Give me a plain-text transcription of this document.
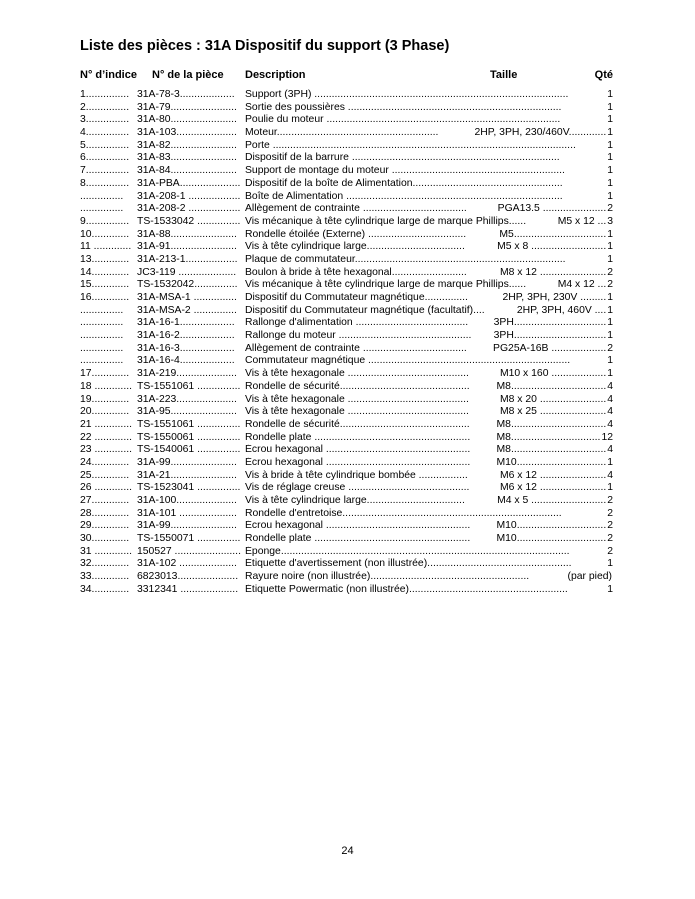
Liste des pièces : 31A Dispositif du support (3 Phase)
N° d’indice N° de la pièce Description	Taille	Qté
1............... 31A-78-3................... Support (3PH) ........................................................................................	1
2............... 31A-79....................... Sortie des poussières ..........................................................................	1
3............... 31A-80....................... Poulie du moteur .................................................................................	1
4............... 31A-103..................... Moteur........................................................	2HP, 3PH, 230/460V............. 1
5............... 31A-82....................... Porte .........................................................................................................	1
6............... 31A-83....................... Dispositif de la barrure ........................................................................	1
7............... 31A-84....................... Support de montage du moteur ............................................................	1
8............... 31A-PBA..................... Dispositif de la boîte de Alimentation....................................................	1
...............	31A-208-1 .................. Boîte de Alimentation ...........................................................................	1
...............	31A-208-2 .................. Allègement de contrainte ....................................	PGA13.5 ...................... 2
9............... TS-1533042 ............... Vis mécanique à tête cylindrique large de marque Phillips......	M5 x 12 ... 3
10............. 31A-88....................... Rondelle étoilée (Externe) ..................................	M5................................ 1
11 ............. 31A-91....................... Vis à tête cylindrique large..................................	M5 x 8 .......................... 1
13............. 31A-213-1.................. Plaque de commutateur.........................................................................	1
14............. JC3-119 .................... Boulon à bride à tête hexagonal..........................	M8 x 12 ....................... 2
15............. TS-1532042............... Vis mécanique à tête cylindrique large de marque Phillips......	M4 x 12 ... 2
16............. 31A-MSA-1 ............... Dispositif du Commutateur magnétique...............	2HP, 3PH, 230V ......... 1
...............	31A-MSA-2 ............... Dispositif du Commutateur magnétique (facultatif)....	2HP, 3PH, 460V .... 1
...............	31A-16-1................... Rallonge d'alimentation .......................................	3PH................................ 1
...............	31A-16-2................... Rallonge du moteur ..............................................	3PH................................ 1
...............	31A-16-3................... Allègement de contrainte ....................................	PG25A-16B ................... 2
...............	31A-16-4................... Commutateur magnétique ......................................................................	1
17............. 31A-219..................... Vis à tête hexagonale ..........................................	M10 x 160 ................... 1
18 ............. TS-1551061 ............... Rondelle de sécurité.............................................	M8................................. 4
19............. 31A-223..................... Vis à tête hexagonale ..........................................	M8 x 20 ....................... 4
20............. 31A-95....................... Vis à tête hexagonale ..........................................	M8 x 25 ....................... 4
21 ............. TS-1551061 ............... Rondelle de sécurité.............................................	M8................................. 4
22 ............. TS-1550061 ............... Rondelle plate ......................................................	M8............................... 12
23 ............. TS-1540061 ............... Écrou hexagonal ..................................................	M8................................. 4
24............. 31A-99....................... Écrou hexagonal ..................................................	M10............................... 1
25............. 31A-21....................... Vis à bride à tête cylindrique bombée .................	M6 x 12 ....................... 4
26 ............. TS-1523041 ............... Vis de réglage creuse ..........................................	M6 x 12 ....................... 1
27............. 31A-100..................... Vis à tête cylindrique large..................................	M4 x 5 .......................... 2
28............. 31A-101 .................... Rondelle d'entretoise............................................................................	2
29............. 31A-99....................... Écrou hexagonal ..................................................	M10............................... 2
30............. TS-1550071 ............... Rondelle plate ......................................................	M10............................... 2
31 ............. 150527 ....................... Éponge....................................................................................................	2
32............. 31A-102 .................... Étiquette d'avertissement (non illustrée)..................................................	1
33............. 6823013..................... Rayure noire (non illustrée).......................................................	(par pied)
34............. 3312341 .................... Étiquette Powermatic (non illustrée).......................................................	1
24
